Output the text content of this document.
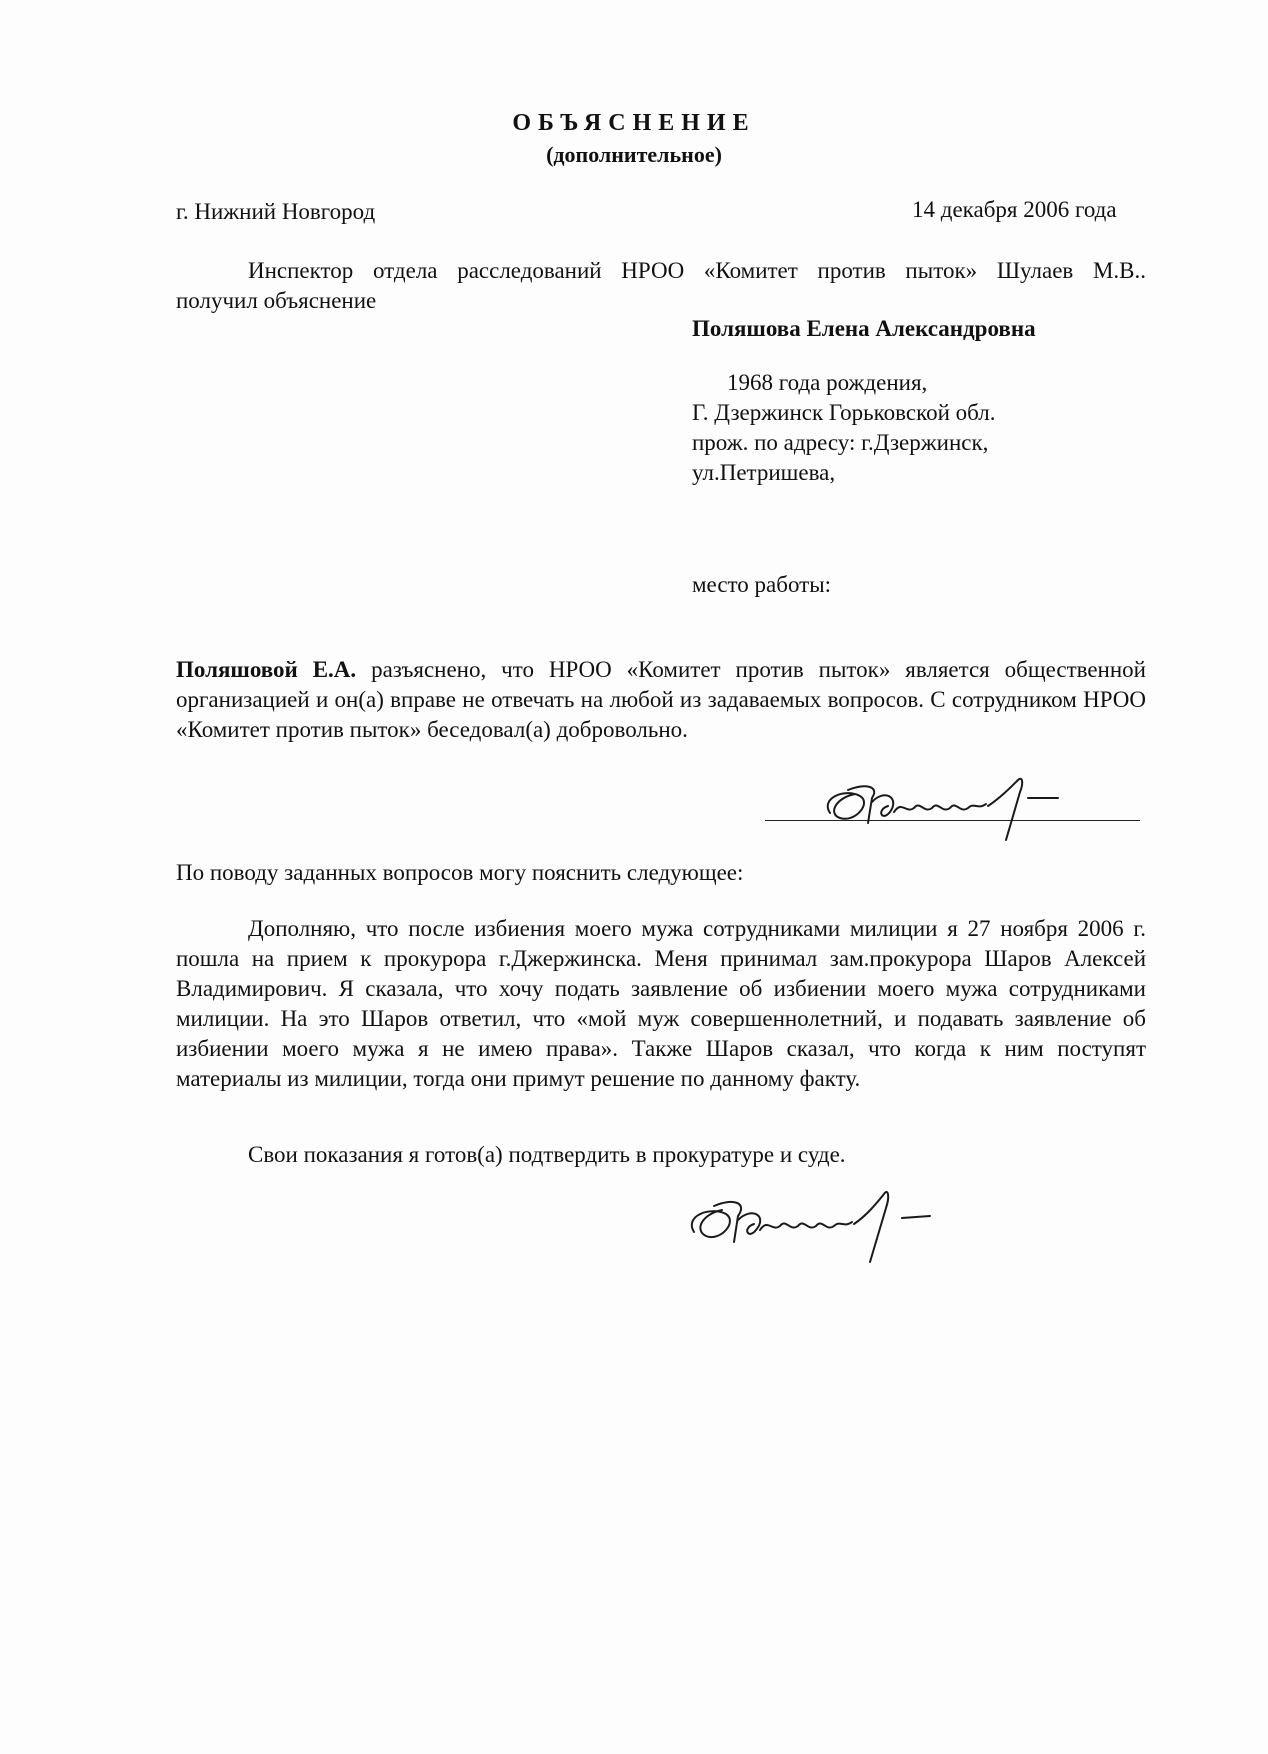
ОБЪЯСНЕНИЕ
(дополнительное)
г. Нижний Новгород	14 декабря 2006 года
Инспектор отдела расследований НРОО «Комитет против пыток» Шулаев М.В..
получил объяснение
Поляшова Елена Александровна
1968 года рождения,
Г. Дзержинск Горьковской обл.
прож. по адресу: г.Дзержинск,
ул.Петришева,
место работы:
Поляшовой Е.А. разъяснено, что НРОО «Комитет против пыток» является общественной организацией и он(а) вправе не отвечать на любой из задаваемых вопросов. С сотрудником НРОО «Комитет против пыток» беседовал(а) добровольно.
По поводу заданных вопросов могу пояснить следующее:
Дополняю, что после избиения моего мужа сотрудниками милиции я 27 ноября 2006 г. пошла на прием к прокурора г.Джержинска. Меня принимал зам.прокурора Шаров Алексей Владимирович. Я сказала, что хочу подать заявление об избиении моего мужа сотрудниками милиции. На это Шаров ответил, что «мой муж совершеннолетний, и подавать заявление об избиении моего мужа я не имею права». Также Шаров сказал, что когда к ним поступят материалы из милиции, тогда они примут решение по данному факту.
Свои показания я готов(а) подтвердить в прокуратуре и суде.
